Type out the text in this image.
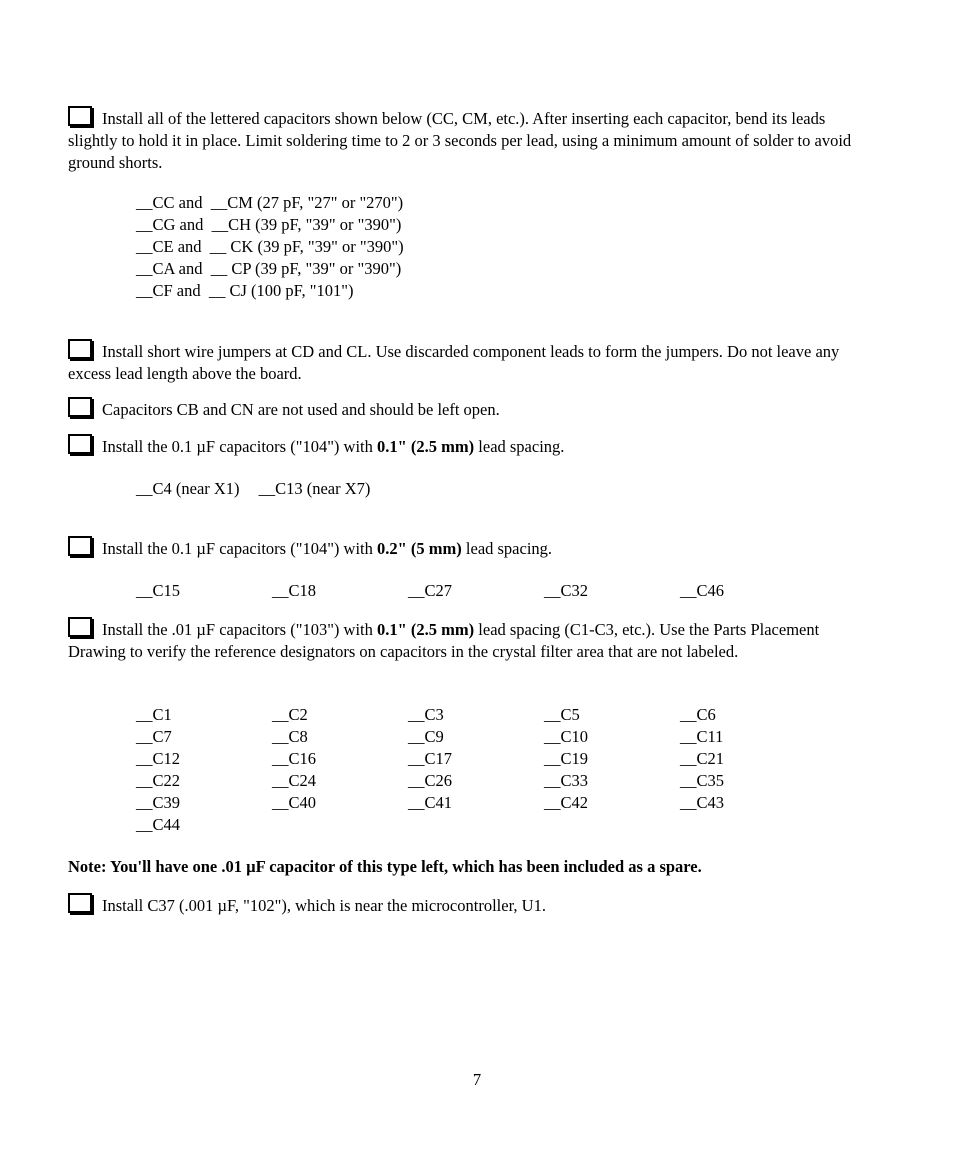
Install all of the lettered capacitors shown below (CC, CM, etc.). After inserting each capacitor, bend its leads slightly to hold it in place. Limit soldering time to 2 or 3 seconds per lead, using a minimum amount of solder to avoid ground shorts.
__CC and  __CM (27 pF, "27" or "270")
__CG and  __CH (39 pF, "39" or "390")
__CE and  __ CK (39 pF, "39" or "390")
__CA and  __ CP (39 pF, "39" or "390")
__CF and  __ CJ (100 pF, "101")
Install short wire jumpers at CD and CL. Use discarded component leads to form the jumpers. Do not leave any excess lead length above the board.
Capacitors CB and CN are not used and should be left open.
Install the 0.1 µF capacitors ("104") with 0.1" (2.5 mm) lead spacing.
__C4 (near X1) __C13 (near X7)
Install the 0.1 µF capacitors ("104") with 0.2" (5 mm) lead spacing.
__C15	__C18	__C27	__C32	__C46
Install the .01 µF capacitors ("103") with 0.1" (2.5 mm) lead spacing (C1-C3, etc.). Use the Parts Placement Drawing to verify the reference designators on capacitors in the crystal filter area that are not labeled.
__C1	__C2	__C3	__C5	__C6
__C7	__C8	__C9	__C10	__C11
__C12	__C16	__C17	__C19	__C21
__C22	__C24	__C26	__C33	__C35
__C39	__C40	__C41	__C42	__C43
__C44
Note: You'll have one .01 µF capacitor of this type left, which has been included as a spare.
Install C37 (.001 µF, "102"), which is near the microcontroller, U1.
7
